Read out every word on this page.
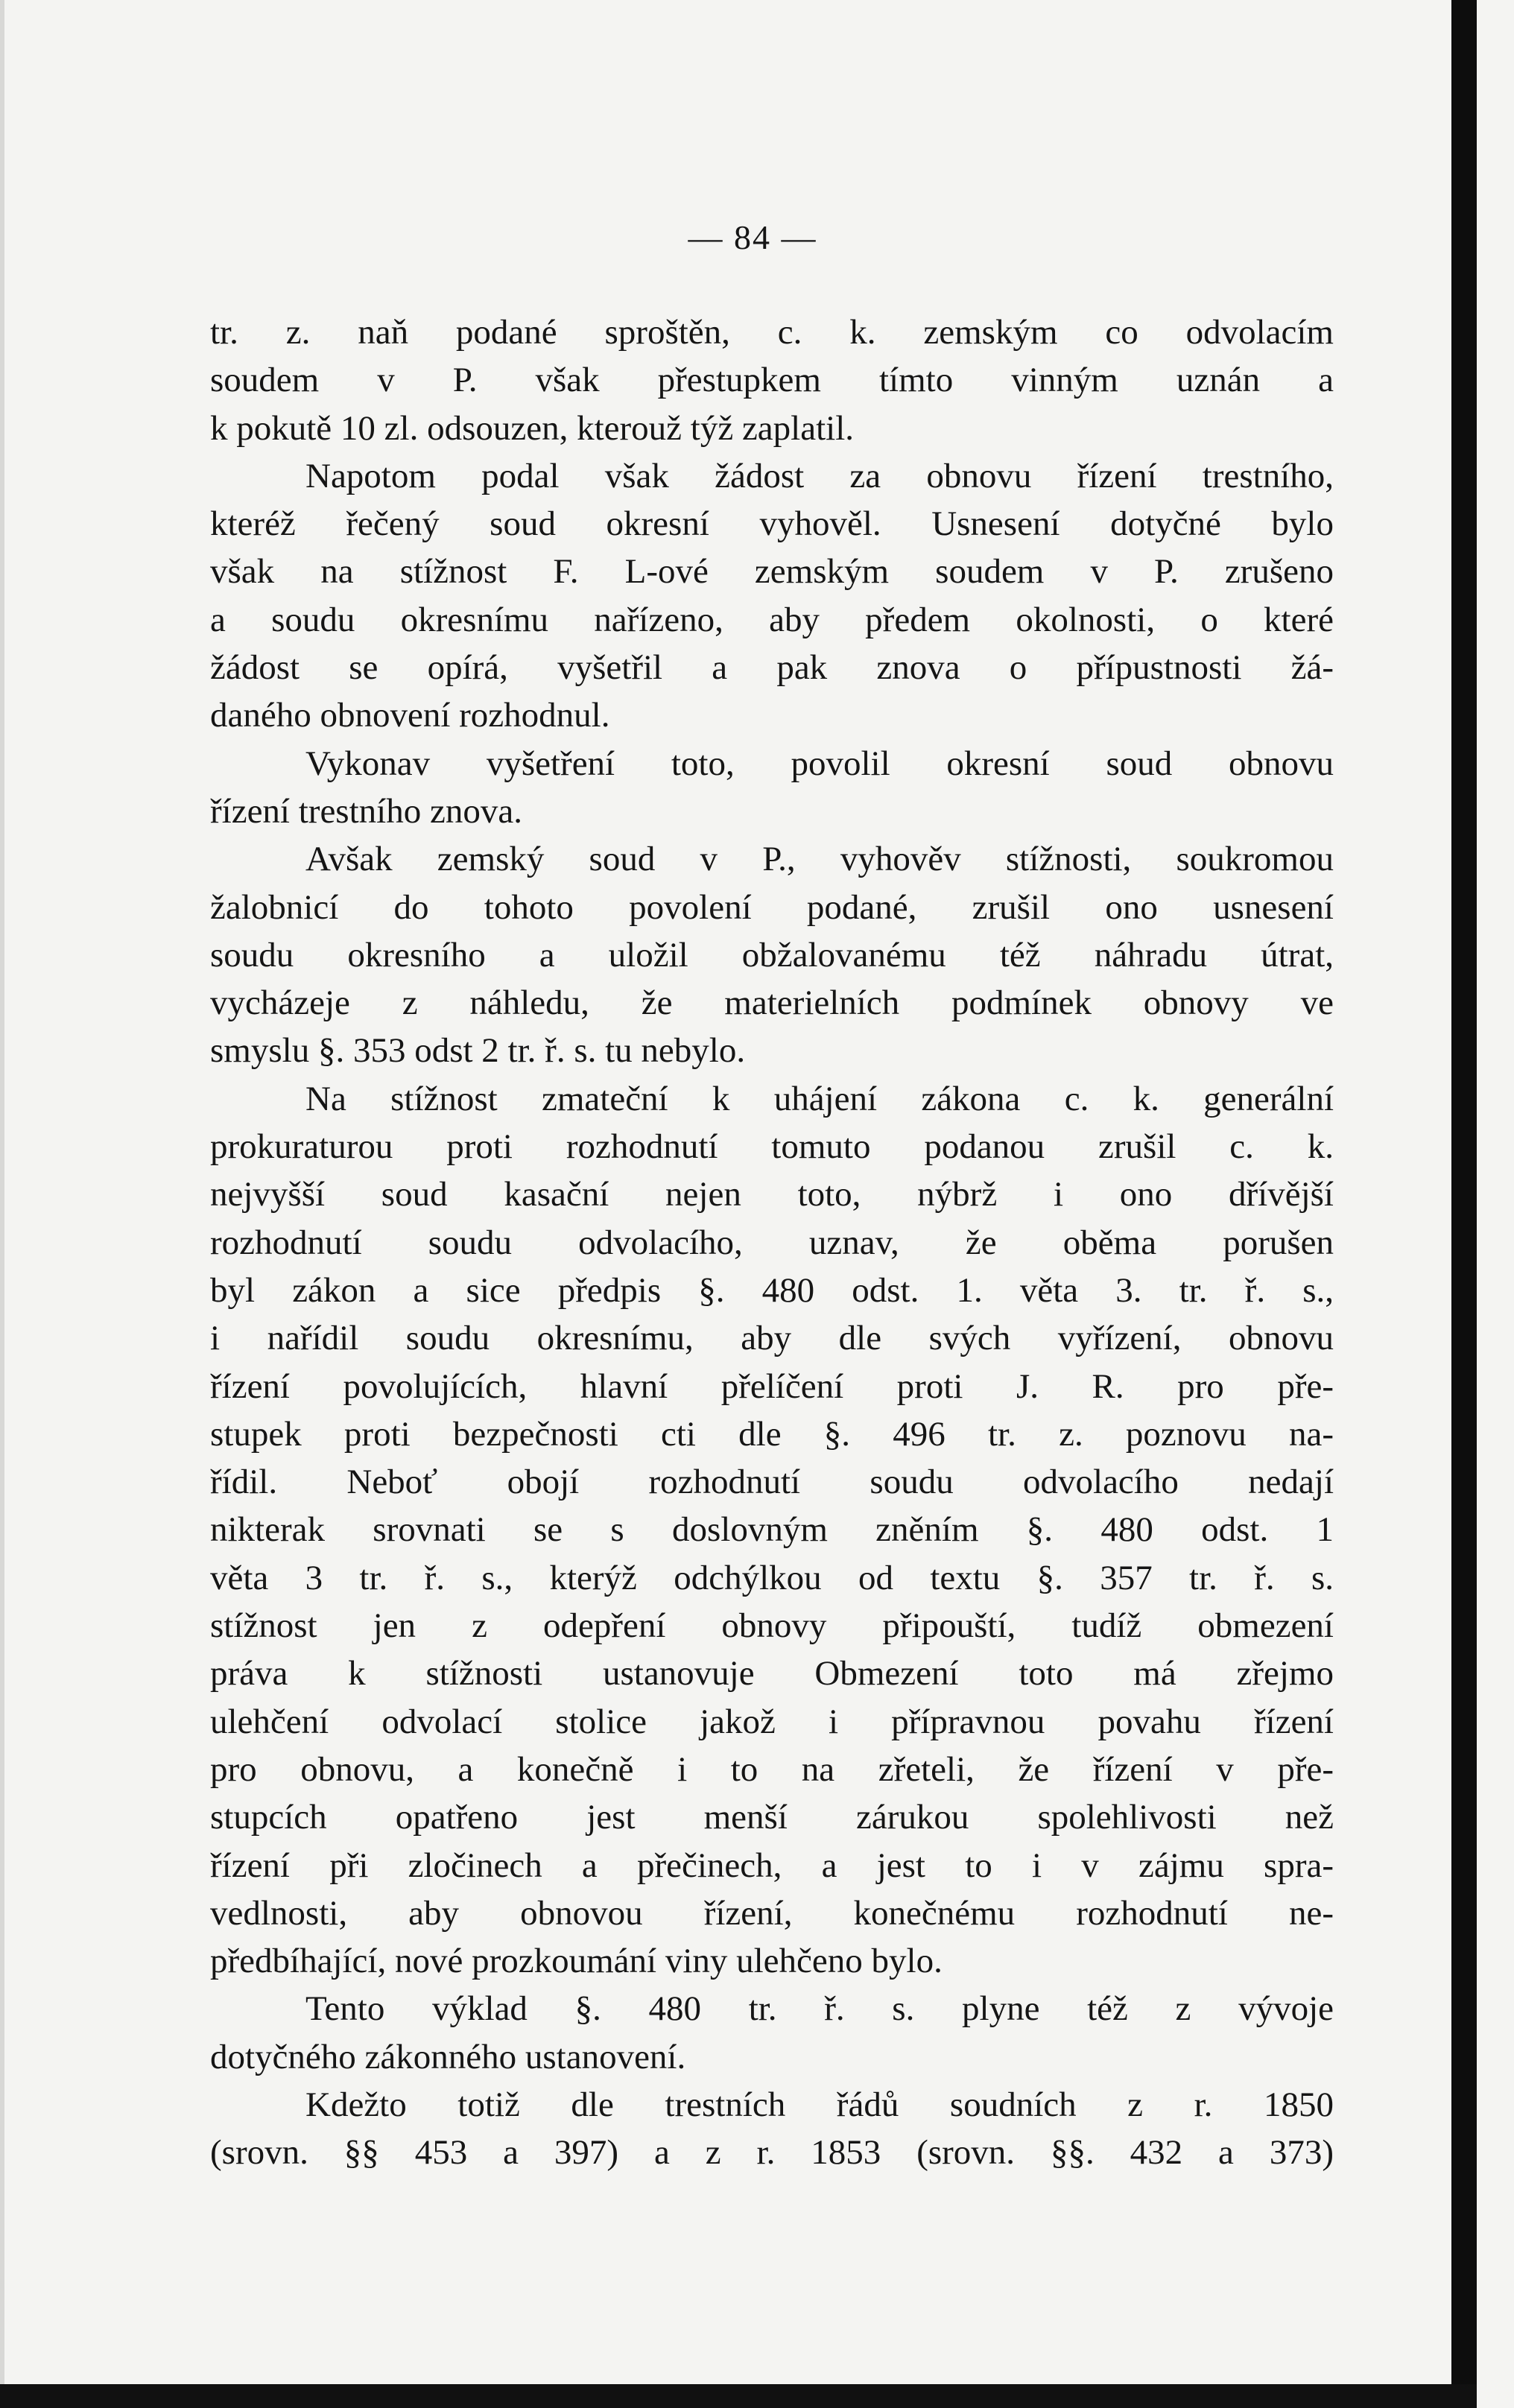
— 84 —
tr. z. naň podané sproštěn, c. k. zemským co odvolacím
soudem v P. však přestupkem tímto vinným uznán a
k pokutě 10 zl. odsouzen, kterouž týž zaplatil.
Napotom podal však žádost za obnovu řízení trestního,
kteréž řečený soud okresní vyhověl. Usnesení dotyčné bylo
však na stížnost F. L-ové zemským soudem v P. zrušeno
a soudu okresnímu nařízeno, aby předem okolnosti, o které
žádost se opírá, vyšetřil a pak znova o přípustnosti žá-
daného obnovení rozhodnul.
Vykonav vyšetření toto, povolil okresní soud obnovu
řízení trestního znova.
Avšak zemský soud v P., vyhověv stížnosti, soukromou
žalobnicí do tohoto povolení podané, zrušil ono usnesení
soudu okresního a uložil obžalovanému též náhradu útrat,
vycházeje z náhledu, že materielních podmínek obnovy ve
smyslu §. 353 odst 2 tr. ř. s. tu nebylo.
Na stížnost zmateční k uhájení zákona c. k. generální
prokuraturou proti rozhodnutí tomuto podanou zrušil c. k.
nejvyšší soud kasační nejen toto, nýbrž i ono dřívější
rozhodnutí soudu odvolacího, uznav, že oběma porušen
byl zákon a sice předpis §. 480 odst. 1. věta 3. tr. ř. s.,
i nařídil soudu okresnímu, aby dle svých vyřízení, obnovu
řízení povolujících, hlavní přelíčení proti J. R. pro pře-
stupek proti bezpečnosti cti dle §. 496 tr. z. poznovu na-
řídil. Neboť obojí rozhodnutí soudu odvolacího nedají
nikterak srovnati se s doslovným zněním §. 480 odst. 1
věta 3 tr. ř. s., kterýž odchýlkou od textu §. 357 tr. ř. s.
stížnost jen z odepření obnovy připouští, tudíž obmezení
práva k stížnosti ustanovuje Obmezení toto má zřejmo
ulehčení odvolací stolice jakož i přípravnou povahu řízení
pro obnovu, a konečně i to na zřeteli, že řízení v pře-
stupcích opatřeno jest menší zárukou spolehlivosti než
řízení při zločinech a přečinech, a jest to i v zájmu spra-
vedlnosti, aby obnovou řízení, konečnému rozhodnutí ne-
předbíhající, nové prozkoumání viny ulehčeno bylo.
Tento výklad §. 480 tr. ř. s. plyne též z vývoje
dotyčného zákonného ustanovení.
Kdežto totiž dle trestních řádů soudních z r. 1850
(srovn. §§ 453 a 397) a z r. 1853 (srovn. §§. 432 a 373)
